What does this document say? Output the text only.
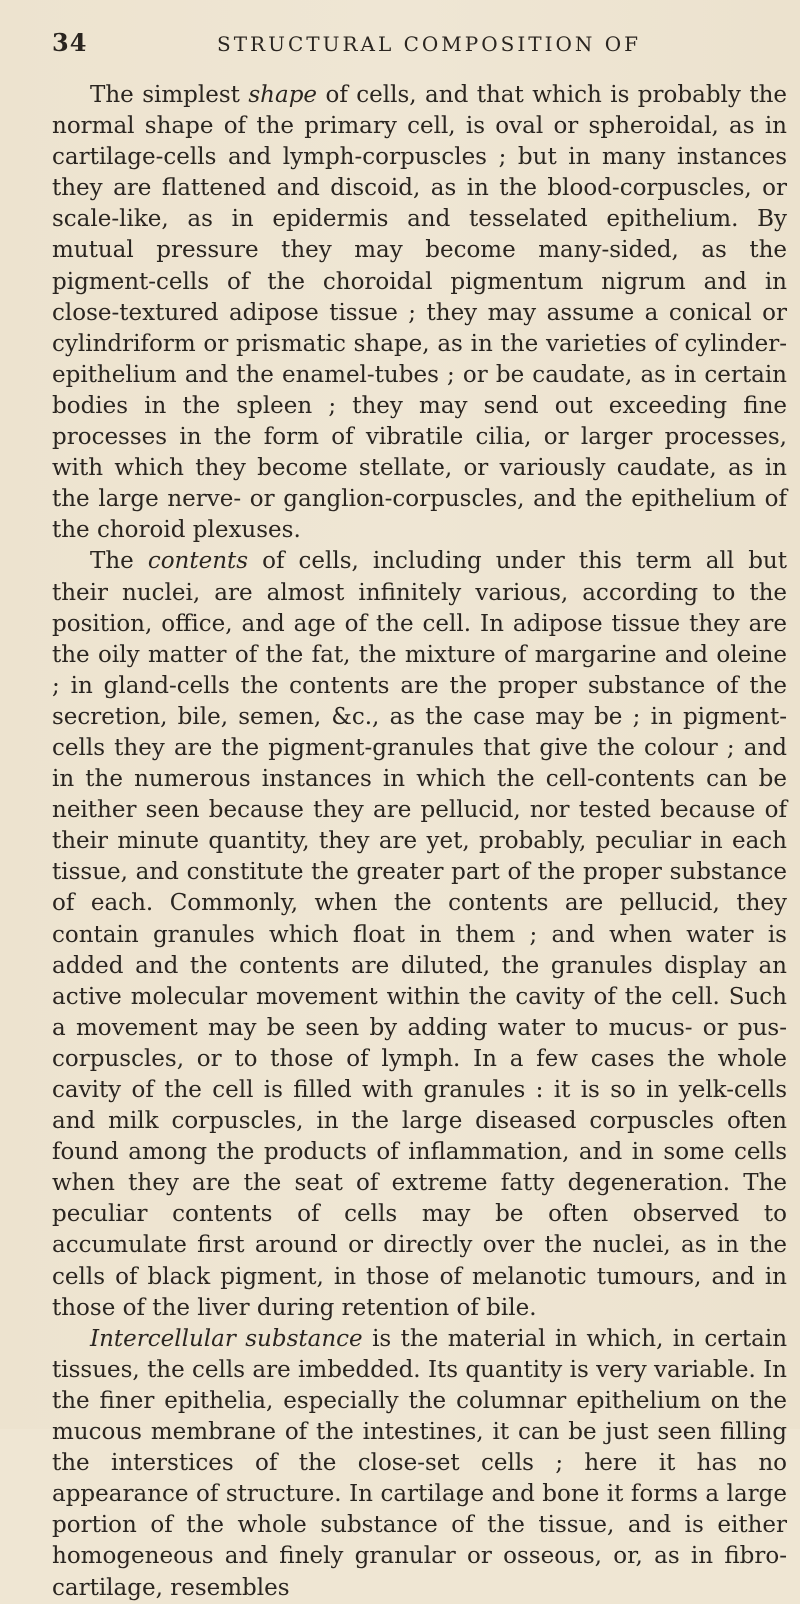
34	STRUCTURAL COMPOSITION OF

The simplest shape of cells, and that which is probably the normal shape of the primary cell, is oval or spheroidal, as in cartilage-cells and lymph-corpuscles ; but in many instances they are flattened and discoid, as in the blood-corpuscles, or scale-like, as in epidermis and tesselated epithelium. By mutual pressure they may become many-sided, as the pigment-cells of the choroidal pigmentum nigrum and in close-textured adipose tissue ; they may assume a conical or cylindriform or prismatic shape, as in the varieties of cylinder-epithelium and the enamel-tubes ; or be caudate, as in certain bodies in the spleen ; they may send out exceeding fine processes in the form of vibratile cilia, or larger processes, with which they become stellate, or variously caudate, as in the large nerve- or ganglion-corpuscles, and the epithelium of the choroid plexuses.

The contents of cells, including under this term all but their nuclei, are almost infinitely various, according to the position, office, and age of the cell. In adipose tissue they are the oily matter of the fat, the mixture of margarine and oleine ; in gland-cells the contents are the proper substance of the secretion, bile, semen, &c., as the case may be ; in pigment-cells they are the pigment-granules that give the colour ; and in the numerous instances in which the cell-contents can be neither seen because they are pellucid, nor tested because of their minute quantity, they are yet, probably, peculiar in each tissue, and constitute the greater part of the proper substance of each. Commonly, when the contents are pellucid, they contain granules which float in them ; and when water is added and the contents are diluted, the granules display an active molecular movement within the cavity of the cell. Such a movement may be seen by adding water to mucus- or pus-corpuscles, or to those of lymph. In a few cases the whole cavity of the cell is filled with granules : it is so in yelk-cells and milk corpuscles, in the large diseased corpuscles often found among the products of inflammation, and in some cells when they are the seat of extreme fatty degeneration. The peculiar contents of cells may be often observed to accumulate first around or directly over the nuclei, as in the cells of black pigment, in those of melanotic tumours, and in those of the liver during retention of bile.

Intercellular substance is the material in which, in certain tissues, the cells are imbedded. Its quantity is very variable. In the finer epithelia, especially the columnar epithelium on the mucous membrane of the intestines, it can be just seen filling the interstices of the close-set cells ; here it has no appearance of structure. In cartilage and bone it forms a large portion of the whole substance of the tissue, and is either homogeneous and finely granular or osseous, or, as in fibro-cartilage, resembles
